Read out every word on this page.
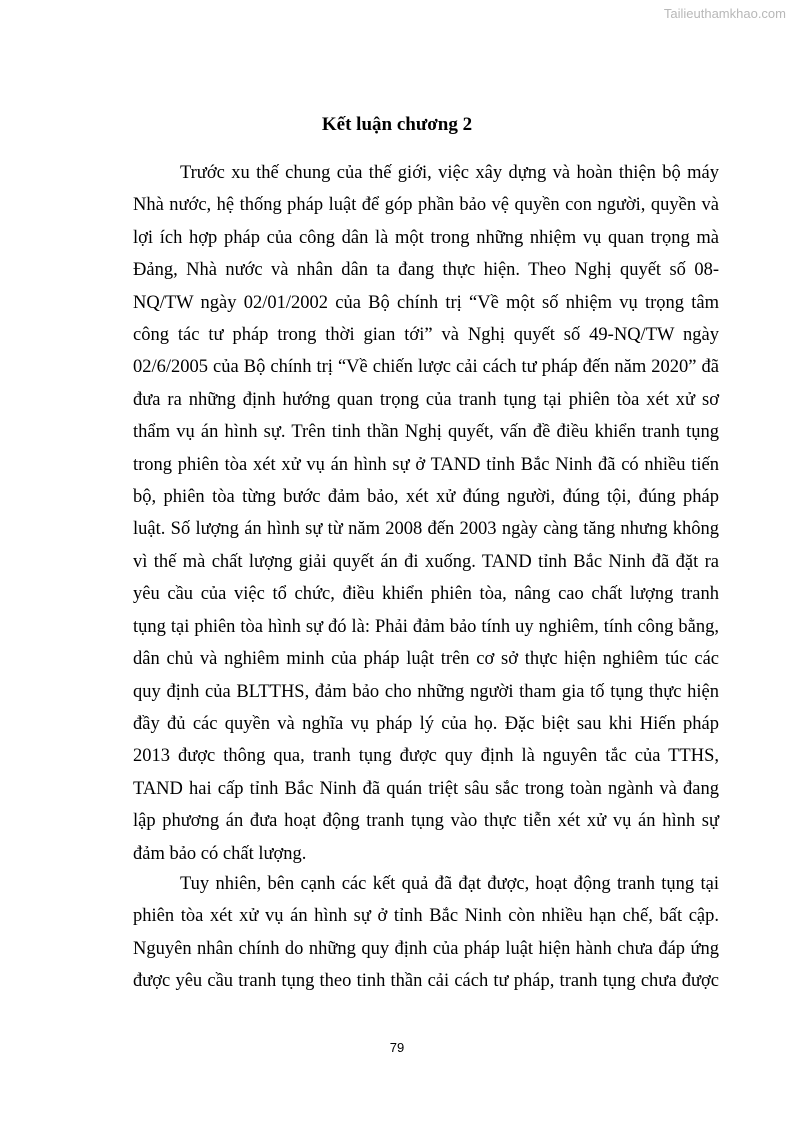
Tailieuthamkhao.com
Kết luận chương 2
Trước xu thế chung của thế giới, việc xây dựng và hoàn thiện bộ máy
Nhà nước, hệ thống pháp luật để góp phần bảo vệ quyền con người, quyền và
lợi ích hợp pháp của công dân là một trong những nhiệm vụ quan trọng mà
Đảng, Nhà nước và nhân dân ta đang thực hiện. Theo Nghị quyết số 08-
NQ/TW ngày 02/01/2002 của Bộ chính trị “Về một số nhiệm vụ trọng tâm
công tác tư pháp trong thời gian tới” và Nghị quyết số 49-NQ/TW ngày
02/6/2005 của Bộ chính trị “Về chiến lược cải cách tư pháp đến năm 2020” đã
đưa ra những định hướng quan trọng của tranh tụng tại phiên tòa xét xử sơ
thẩm vụ án hình sự. Trên tinh thần Nghị quyết, vấn đề điều khiển tranh tụng
trong phiên tòa xét xử vụ án hình sự ở TAND tỉnh Bắc Ninh đã có nhiều tiến
bộ, phiên tòa từng bước đảm bảo, xét xử đúng người, đúng tội, đúng pháp
luật. Số lượng án hình sự từ năm 2008 đến 2003 ngày càng tăng nhưng không
vì thế mà chất lượng giải quyết án đi xuống. TAND tỉnh Bắc Ninh đã đặt ra
yêu cầu của việc tổ chức, điều khiển phiên tòa, nâng cao chất lượng tranh
tụng tại phiên tòa hình sự đó là: Phải đảm bảo tính uy nghiêm, tính công bằng,
dân chủ và nghiêm minh của pháp luật trên cơ sở thực hiện nghiêm túc các
quy định của BLTTHS, đảm bảo cho những người tham gia tố tụng thực hiện
đầy đủ các quyền và nghĩa vụ pháp lý của họ. Đặc biệt sau khi Hiến pháp
2013 được thông qua, tranh tụng được quy định là nguyên tắc của TTHS,
TAND hai cấp tỉnh Bắc Ninh đã quán triệt sâu sắc trong toàn ngành và đang
lập phương án đưa hoạt động tranh tụng vào thực tiễn xét xử vụ án hình sự
đảm bảo có chất lượng.
Tuy nhiên, bên cạnh các kết quả đã đạt được, hoạt động tranh tụng tại
phiên tòa xét xử vụ án hình sự ở tỉnh Bắc Ninh còn nhiều hạn chế, bất cập.
Nguyên nhân chính do những quy định của pháp luật hiện hành chưa đáp ứng
được yêu cầu tranh tụng theo tinh thần cải cách tư pháp, tranh tụng chưa được
79
